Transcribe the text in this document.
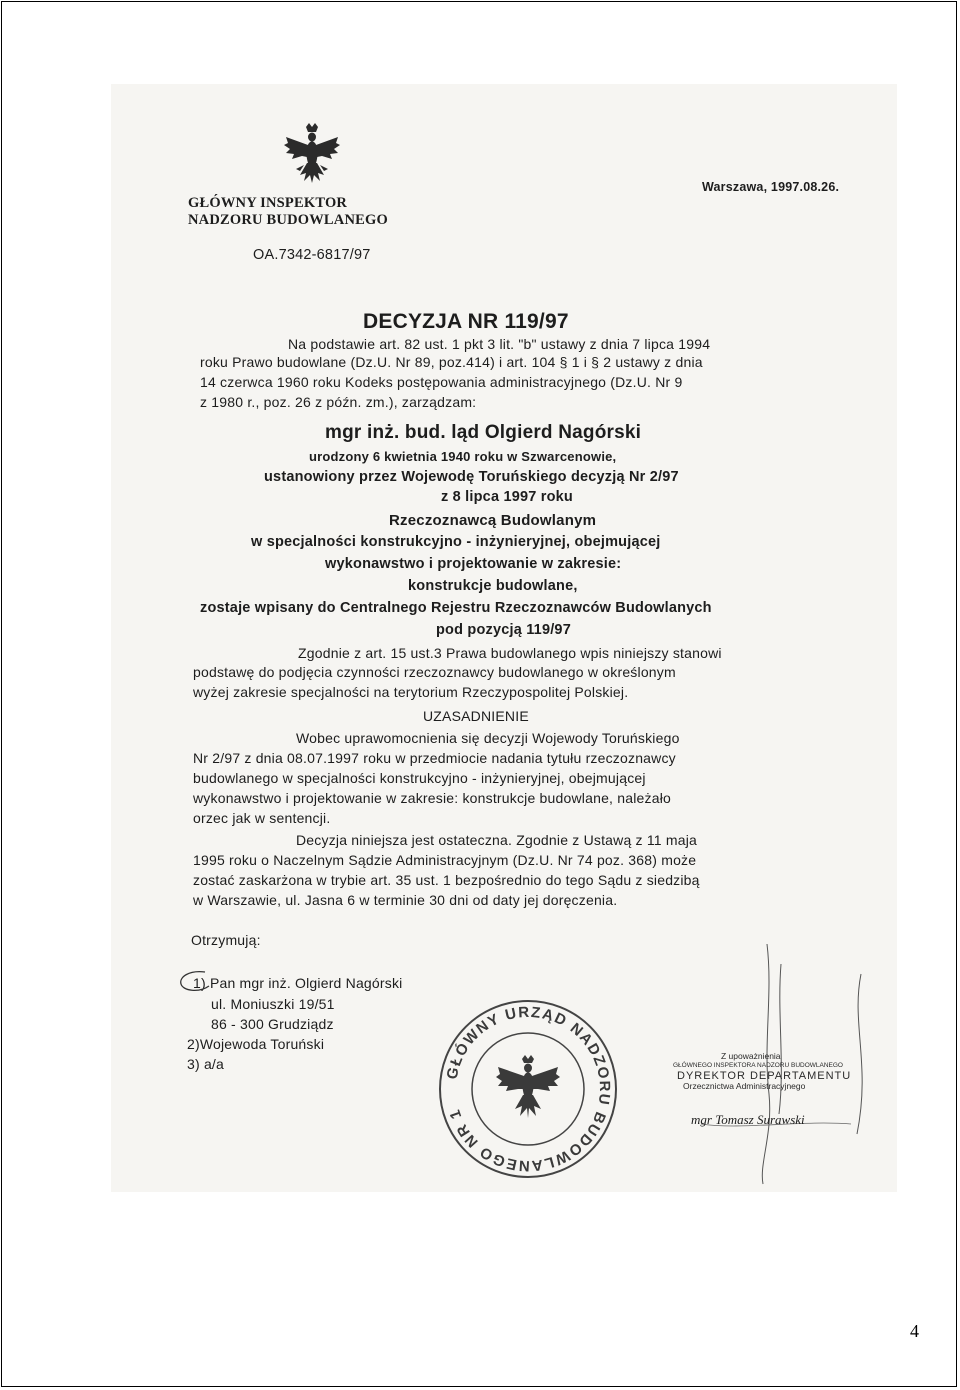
GŁÓWNY INSPEKTOR
NADZORU BUDOWLANEGO
OA.7342-6817/97
Warszawa, 1997.08.26.
DECYZJA NR 119/97
Na podstawie art. 82 ust. 1 pkt 3 lit. "b" ustawy z dnia 7 lipca 1994
roku Prawo budowlane (Dz.U. Nr 89, poz.414) i art. 104 § 1 i § 2 ustawy z dnia
14 czerwca 1960 roku Kodeks postępowania administracyjnego (Dz.U. Nr 9
z 1980 r., poz. 26 z późn. zm.), zarządzam:
mgr inż. bud. ląd Olgierd Nagórski
urodzony 6 kwietnia 1940 roku w Szwarcenowie,
ustanowiony przez Wojewodę Toruńskiego decyzją Nr 2/97
z 8 lipca 1997 roku
Rzeczoznawcą Budowlanym
w specjalności konstrukcyjno - inżynieryjnej, obejmującej
wykonawstwo i projektowanie w zakresie:
konstrukcje budowlane,
zostaje wpisany do Centralnego Rejestru Rzeczoznawców Budowlanych
pod pozycją 119/97
Zgodnie z art. 15 ust.3 Prawa budowlanego wpis niniejszy stanowi
podstawę do podjęcia czynności rzeczoznawcy budowlanego w określonym
wyżej zakresie specjalności na terytorium Rzeczypospolitej Polskiej.
UZASADNIENIE
Wobec uprawomocnienia się decyzji Wojewody Toruńskiego
Nr 2/97 z dnia 08.07.1997 roku w przedmiocie nadania tytułu rzeczoznawcy
budowlanego w specjalności konstrukcyjno - inżynieryjnej, obejmującej
wykonawstwo i projektowanie w zakresie: konstrukcje budowlane, należało
orzec jak w sentencji.
Decyzja niniejsza jest ostateczna. Zgodnie z Ustawą z 11 maja
1995 roku o Naczelnym Sądzie Administracyjnym (Dz.U. Nr 74 poz. 368) może
zostać zaskarżona w trybie art. 35 ust. 1 bezpośrednio do tego Sądu z siedzibą
w Warszawie, ul. Jasna 6 w terminie 30 dni od daty jej doręczenia.
Otrzymują:
1) Pan mgr inż. Olgierd Nagórski
ul. Moniuszki 19/51
86 - 300 Grudziądz
2)Wojewoda Toruński
3) a/a
GŁÓWNY URZĄD NADZORU BUDOWLANEGO NR 1
Z upoważnienia
GŁÓWNEGO INSPEKTORA NADZORU BUDOWLANEGO
DYREKTOR DEPARTAMENTU
Orzecznictwa Administracyjnego
mgr Tomasz Surawski
4
